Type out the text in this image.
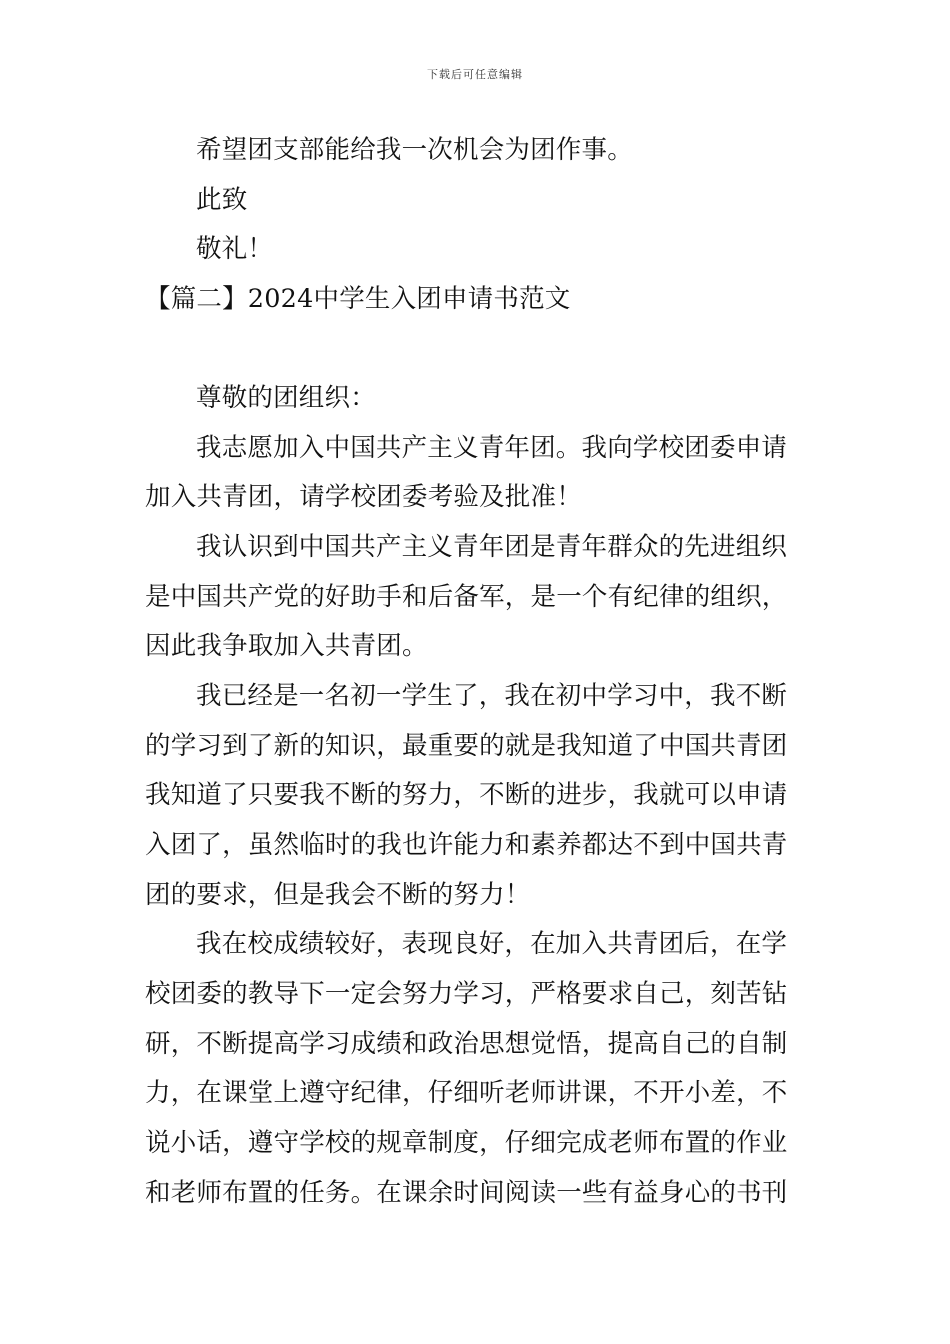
下载后可任意编辑
希望团支部能给我一次机会为团作事。
此致
敬礼！
【篇二】2024中学生入团申请书范文
尊敬的团组织：
我志愿加入中国共产主义青年团。我向学校团委申请
加入共青团，请学校团委考验及批准！
我认识到中国共产主义青年团是青年群众的先进组织
是中国共产党的好助手和后备军，是一个有纪律的组织，
因此我争取加入共青团。
我已经是一名初一学生了，我在初中学习中，我不断
的学习到了新的知识，最重要的就是我知道了中国共青团
我知道了只要我不断的努力，不断的进步，我就可以申请
入团了，虽然临时的我也许能力和素养都达不到中国共青
团的要求，但是我会不断的努力！
我在校成绩较好，表现良好，在加入共青团后，在学
校团委的教导下一定会努力学习，严格要求自己，刻苦钻
研，不断提高学习成绩和政治思想觉悟，提高自己的自制
力，在课堂上遵守纪律，仔细听老师讲课，不开小差，不
说小话，遵守学校的规章制度，仔细完成老师布置的作业
和老师布置的任务。在课余时间阅读一些有益身心的书刊
